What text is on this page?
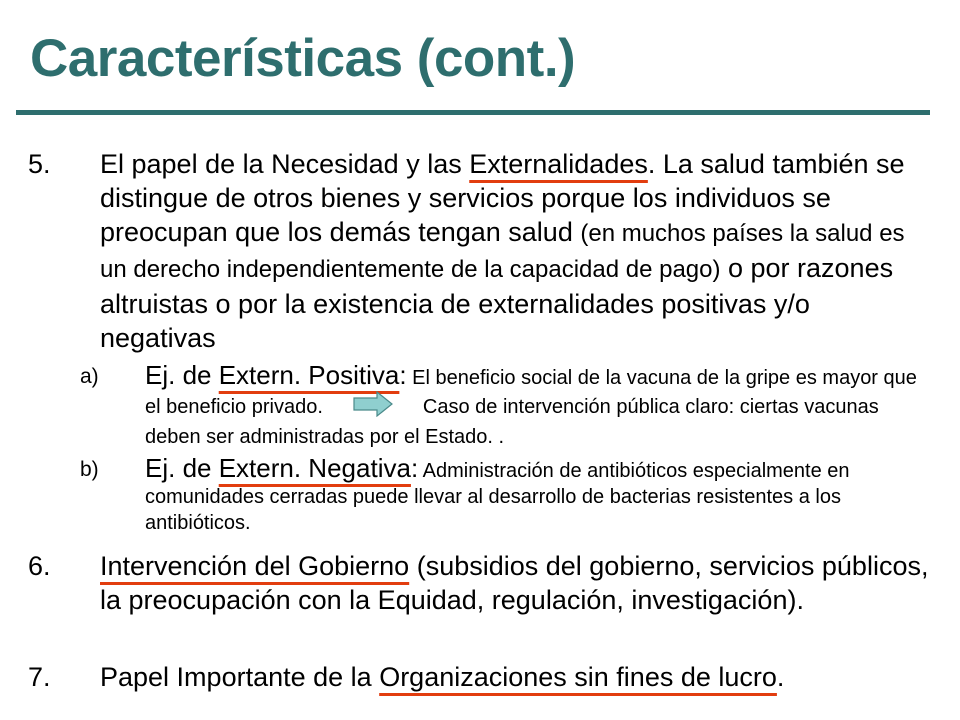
Características (cont.)
5. El papel de la Necesidad y las Externalidades. La salud también se distingue de otros bienes y servicios porque los individuos se preocupan que los demás tengan salud (en muchos países la salud es un derecho independientemente de la capacidad de pago) o por razones altruistas o por la existencia de externalidades positivas y/o negativas
a) Ej. de Extern. Positiva: El beneficio social de la vacuna de la gripe es mayor que el beneficio privado.	Caso de intervención pública claro: ciertas vacunas deben ser administradas por el Estado. .
b) Ej. de Extern. Negativa: Administración de antibióticos especialmente en comunidades cerradas puede llevar al desarrollo de bacterias resistentes a los antibióticos.
6. Intervención del Gobierno (subsidios del gobierno, servicios públicos, la preocupación con la Equidad, regulación, investigación).
7. Papel Importante de la Organizaciones sin fines de lucro.
